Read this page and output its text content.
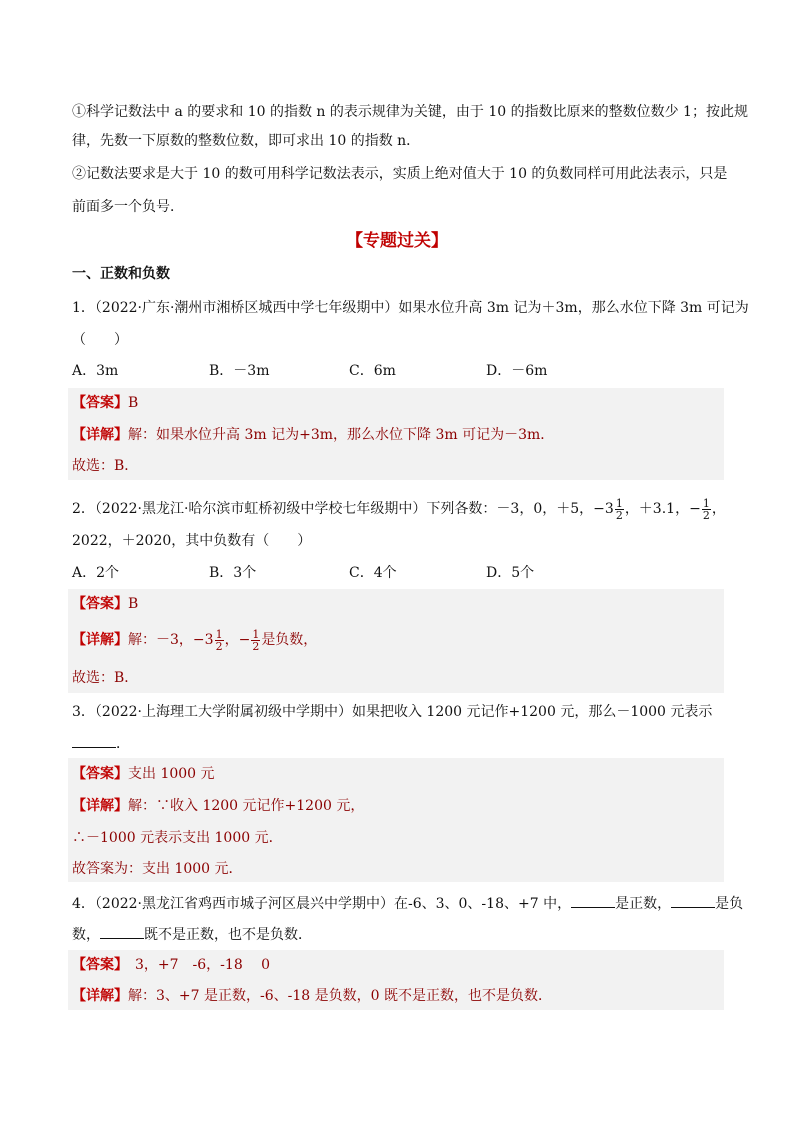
①科学记数法中 a 的要求和 10 的指数 n 的表示规律为关键，由于 10 的指数比原来的整数位数少 1；按此规
律，先数一下原数的整数位数，即可求出 10 的指数 n．
②记数法要求是大于 10 的数可用科学记数法表示，实质上绝对值大于 10 的负数同样可用此法表示，只是
前面多一个负号．
【专题过关】
一、正数和负数
1．（2022·广东·潮州市湘桥区城西中学七年级期中）如果水位升高 3m 记为＋3m，那么水位下降 3m 可记为
（　　）
A．3m	B．－3m	C．6m	D．－6m
【答案】B
【详解】解：如果水位升高 3m 记为+3m，那么水位下降 3m 可记为－3m．
故选：B．
2．（2022·黑龙江·哈尔滨市虹桥初级中学校七年级期中）下列各数：－3，0，＋5， − $3 \frac{1}{2}$ ，＋3.1， − $\frac{1}{2}$ ，
2022，＋2020，其中负数有（　　）
A．2个	B．3个	C．4个	D．5个
【答案】B
【详解】 解：－3， − $3 \frac{1}{2}$ ， − $\frac{1}{2}$ 是负数，
故选：B．
3．（2022·上海理工大学附属初级中学期中）如果把收入 1200 元记作+1200 元，那么－1000 元表示
．
【答案】支出 1000 元
【详解】解：∵收入 1200 元记作+1200 元，
∴－1000 元表示支出 1000 元．
故答案为：支出 1000 元．
4．（2022·黑龙江省鸡西市城子河区晨兴中学期中）在-6、3、0、-18、+7 中，	是正数，	是负
数，	既不是正数，也不是负数．
【答案】　3，+7　-6，-18　 0
【详解】解：3、+7 是正数，-6、-18 是负数，0 既不是正数，也不是负数．
